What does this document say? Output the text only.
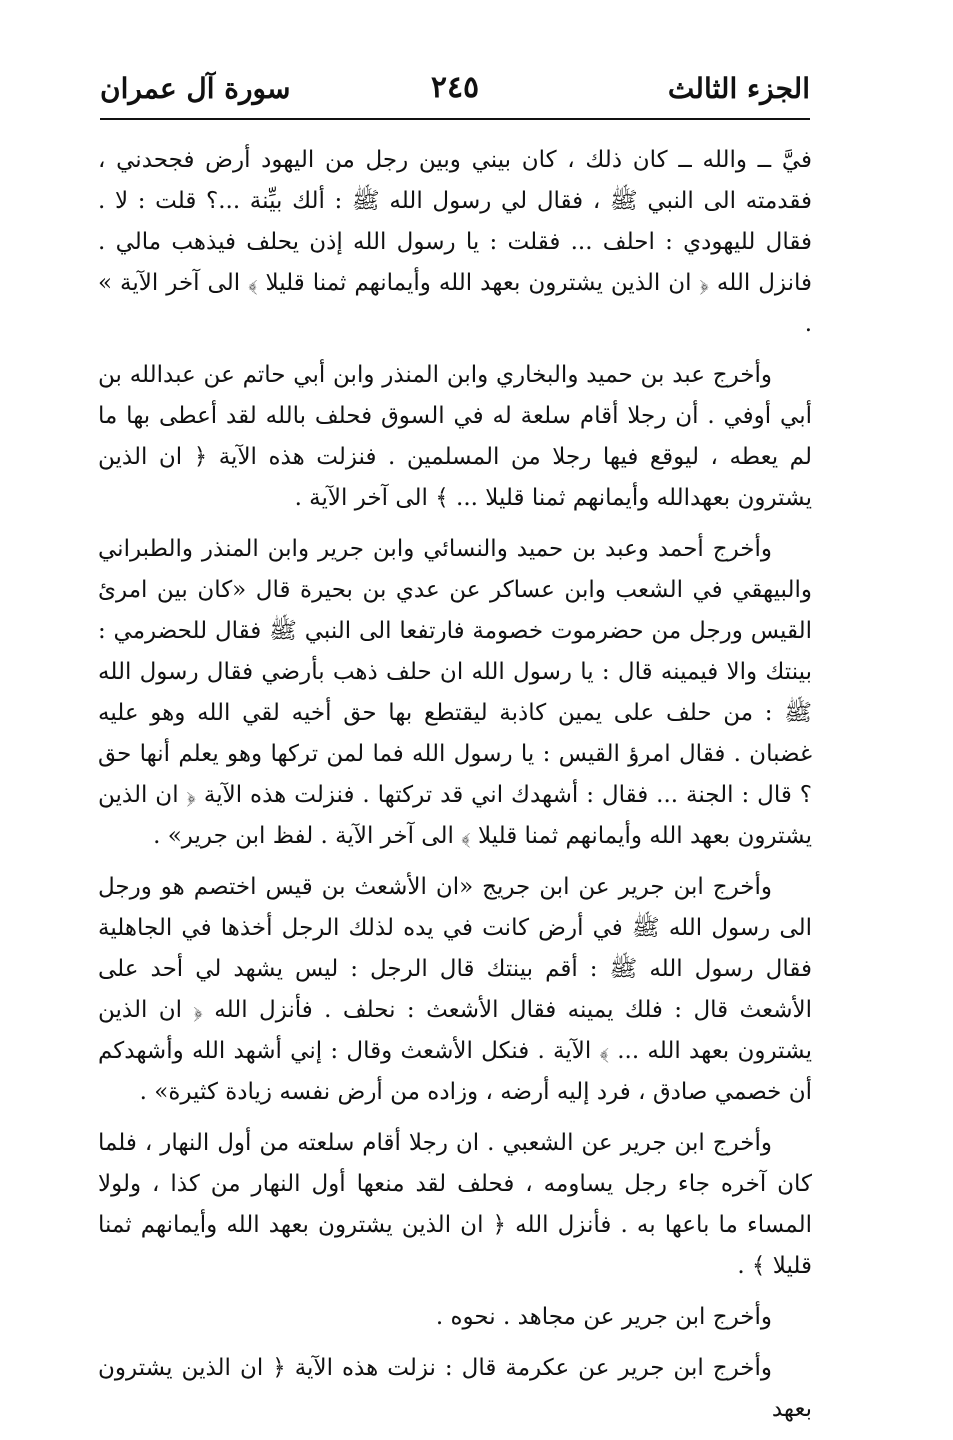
الجزء الثالث
٢٤٥
سورة آل عمران

فيَّ ــ والله ــ كان ذلك ، كان بيني وبين رجل من اليهود أرض فجحدني ، فقدمته الى النبي ﷺ ، فقال لي رسول الله ﷺ : ألك بيِّنة ...؟ قلت : لا . فقال لليهودي : احلف ... فقلت : يا رسول الله إذن يحلف فيذهب مالي . فانزل الله ﴿ ان الذين يشترون بعهد الله وأيمانهم ثمنا قليلا ﴾ الى آخر الآية » .

وأخرج عبد بن حميد والبخاري وابن المنذر وابن أبي حاتم عن عبدالله بن أبي أوفي . أن رجلا أقام سلعة له في السوق فحلف بالله لقد أعطى بها ما لم يعطه ، ليوقع فيها رجلا من المسلمين . فنزلت هذه الآية ﴿ ان الذين يشترون بعهدالله وأيمانهم ثمنا قليلا ... ﴾ الى آخر الآية .

وأخرج أحمد وعبد بن حميد والنسائي وابن جرير وابن المنذر والطبراني والبيهقي في الشعب وابن عساكر عن عدي بن بحيرة قال «كان بين امرئ القيس ورجل من حضرموت خصومة فارتفعا الى النبي ﷺ فقال للحضرمي : بينتك والا فيمينه قال : يا رسول الله ان حلف ذهب بأرضي فقال رسول الله ﷺ : من حلف على يمين كاذبة ليقتطع بها حق أخيه لقي الله وهو عليه غضبان . فقال امرؤ القيس : يا رسول الله فما لمن تركها وهو يعلم أنها حق ؟ قال : الجنة ... فقال : أشهدك اني قد تركتها . فنزلت هذه الآية ﴿ ان الذين يشترون بعهد الله وأيمانهم ثمنا قليلا ﴾ الى آخر الآية . لفظ ابن جرير» .

وأخرج ابن جرير عن ابن جريج «ان الأشعث بن قيس اختصم هو ورجل الى رسول الله ﷺ في أرض كانت في يده لذلك الرجل أخذها في الجاهلية فقال رسول الله ﷺ : أقم بينتك قال الرجل : ليس يشهد لي أحد على الأشعث قال : فلك يمينه فقال الأشعث : نحلف . فأنزل الله ﴿ ان الذين يشترون بعهد الله ... ﴾ الآية . فنكل الأشعث وقال : إني أشهد الله وأشهدكم أن خصمي صادق ، فرد إليه أرضه ، وزاده من أرض نفسه زيادة كثيرة» .

وأخرج ابن جرير عن الشعبي . ان رجلا أقام سلعته من أول النهار ، فلما كان آخره جاء رجل يساومه ، فحلف لقد منعها أول النهار من كذا ، ولولا المساء ما باعها به . فأنزل الله ﴿ ان الذين يشترون بعهد الله وأيمانهم ثمنا قليلا ﴾ .

وأخرج ابن جرير عن مجاهد . نحوه .

وأخرج ابن جرير عن عكرمة قال : نزلت هذه الآية ﴿ ان الذين يشترون بعهد
